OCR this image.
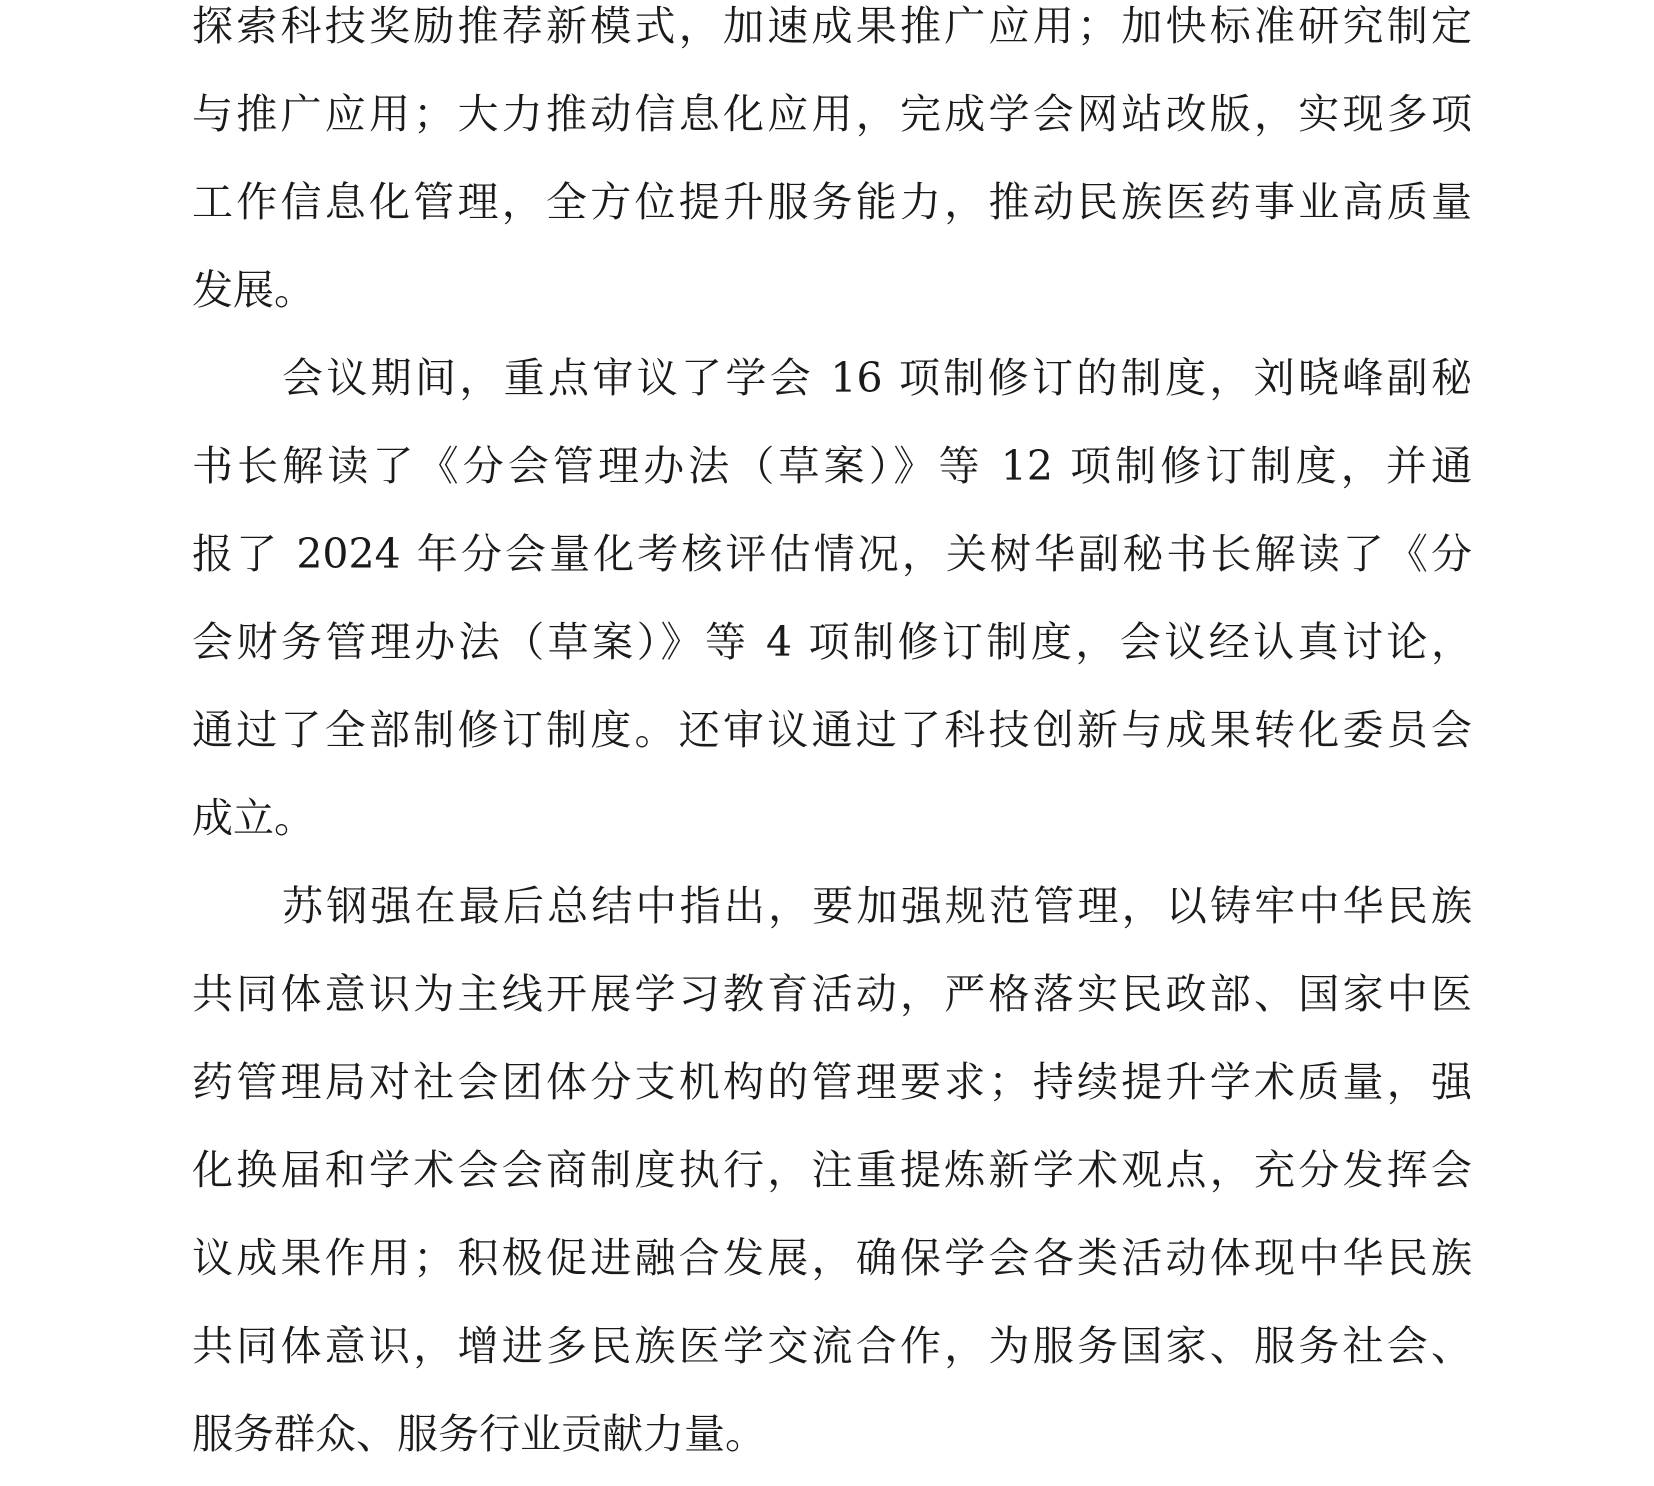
探索科技奖励推荐新模式，加速成果推广应用；加快标准研究制定
与推广应用；大力推动信息化应用，完成学会网站改版，实现多项
工作信息化管理，全方位提升服务能力，推动民族医药事业高质量
发展。
会议期间，重点审议了学会 16 项制修订的制度，刘晓峰副秘
书长解读了《分会管理办法（草案）》等 12 项制修订制度，并通
报了 2024 年分会量化考核评估情况，关树华副秘书长解读了《分
会财务管理办法（草案）》等 4 项制修订制度，会议经认真讨论，
通过了全部制修订制度。还审议通过了科技创新与成果转化委员会
成立。
苏钢强在最后总结中指出，要加强规范管理，以铸牢中华民族
共同体意识为主线开展学习教育活动，严格落实民政部、国家中医
药管理局对社会团体分支机构的管理要求；持续提升学术质量，强
化换届和学术会会商制度执行，注重提炼新学术观点，充分发挥会
议成果作用；积极促进融合发展，确保学会各类活动体现中华民族
共同体意识，增进多民族医学交流合作，为服务国家、服务社会、
服务群众、服务行业贡献力量。
